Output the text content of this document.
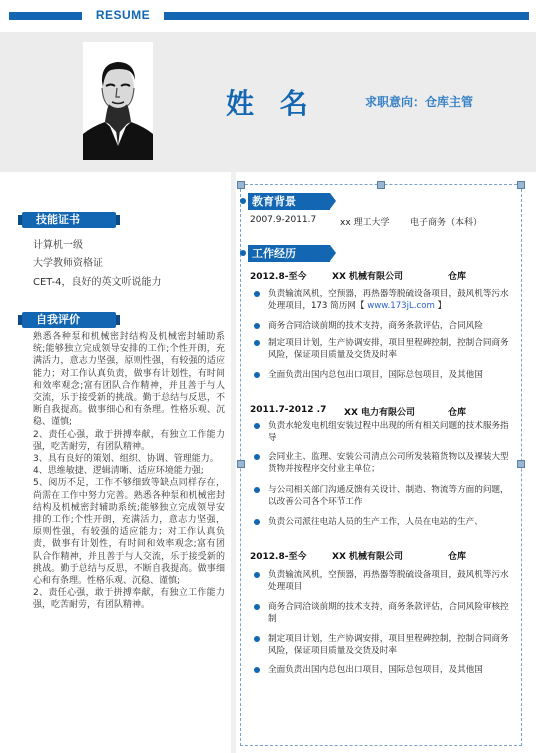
RESUME
姓 名	求职意向：仓库主管
技能证书
计算机一级
大学教师资格证
CET-4，良好的英文听说能力
自我评价

熟悉各种泵和机械密封结构及机械密封辅助系统;能够独立完成领导安排的工作;个性开朗，充满活力，意志力坚强，原则性强，有较强的适应能力；对工作认真负责，做事有计划性，有时间和效率观念;富有团队合作精神，并且善于与人交流，乐于接受新的挑战。勤于总结与反思，不断自我提高。做事细心和有条理。性格乐观、沉稳、谨慎;

2、责任心强，敢于拼搏奉献，有独立工作能力强，吃苦耐劳，有团队精神。

3、具有良好的策划、组织、协调、管理能力。

4、思维敏捷、逻辑清晰、适应环境能力强;

5、阅历不足，工作不够细致等缺点同样存在，尚需在工作中努力完善。熟悉各种泵和机械密封结构及机械密封辅助系统;能够独立完成领导安排的工作;个性开朗，充满活力，意志力坚强，原则性强，有较强的适应能力；对工作认真负责，做事有计划性，有时间和效率观念;富有团队合作精神，并且善于与人交流，乐于接受新的挑战。勤于总结与反思，不断自我提高。做事细心和有条理。性格乐观、沉稳、谨慎;

2、责任心强，敢于拼搏奉献，有独立工作能力强，吃苦耐劳，有团队精神。

教育背景
2007.9-2011.7	xx 理工大学 电子商务（本科）
工作经历
2012.8-至今	XX 机械有限公司	仓库
负责输流风机，空预器，再热器等脱硫设备项目，鼓风机等污水处理项目，173 简历网【 www.173jL.com 】
商务合同洽谈前期的技术支持，商务条款评估，合同风险
制定项目计划，生产协调安排，项目里程碑控制，控制合同商务风险，保证项目质量及交货及时率
全面负责出国内总包出口项目，国际总包项目，及其他国
2011.7-2012 .7 XX 电力有限公司	仓库
负责水轮发电机组安装过程中出现的所有相关问题的技术服务指导
会同业主、监理、安装公司清点公司所发装箱货物以及裸装大型货物并按程序交付业主单位；
与公司相关部门沟通反馈有关设计、制造、物流等方面的问题，以改善公司各个环节工作
负责公司派往电站人员的生产工作，人员在电站的生产、
2012.8-至今	XX 机械有限公司	仓库
负责输流风机，空预器，再热器等脱硫设备项目，鼓风机等污水处理项目
商务合同洽谈前期的技术支持，商务条款评估，合同风险审核控制
制定项目计划，生产协调安排，项目里程碑控制，控制合同商务风险，保证项目质量及交货及时率
全面负责出国内总包出口项目，国际总包项目，及其他国
